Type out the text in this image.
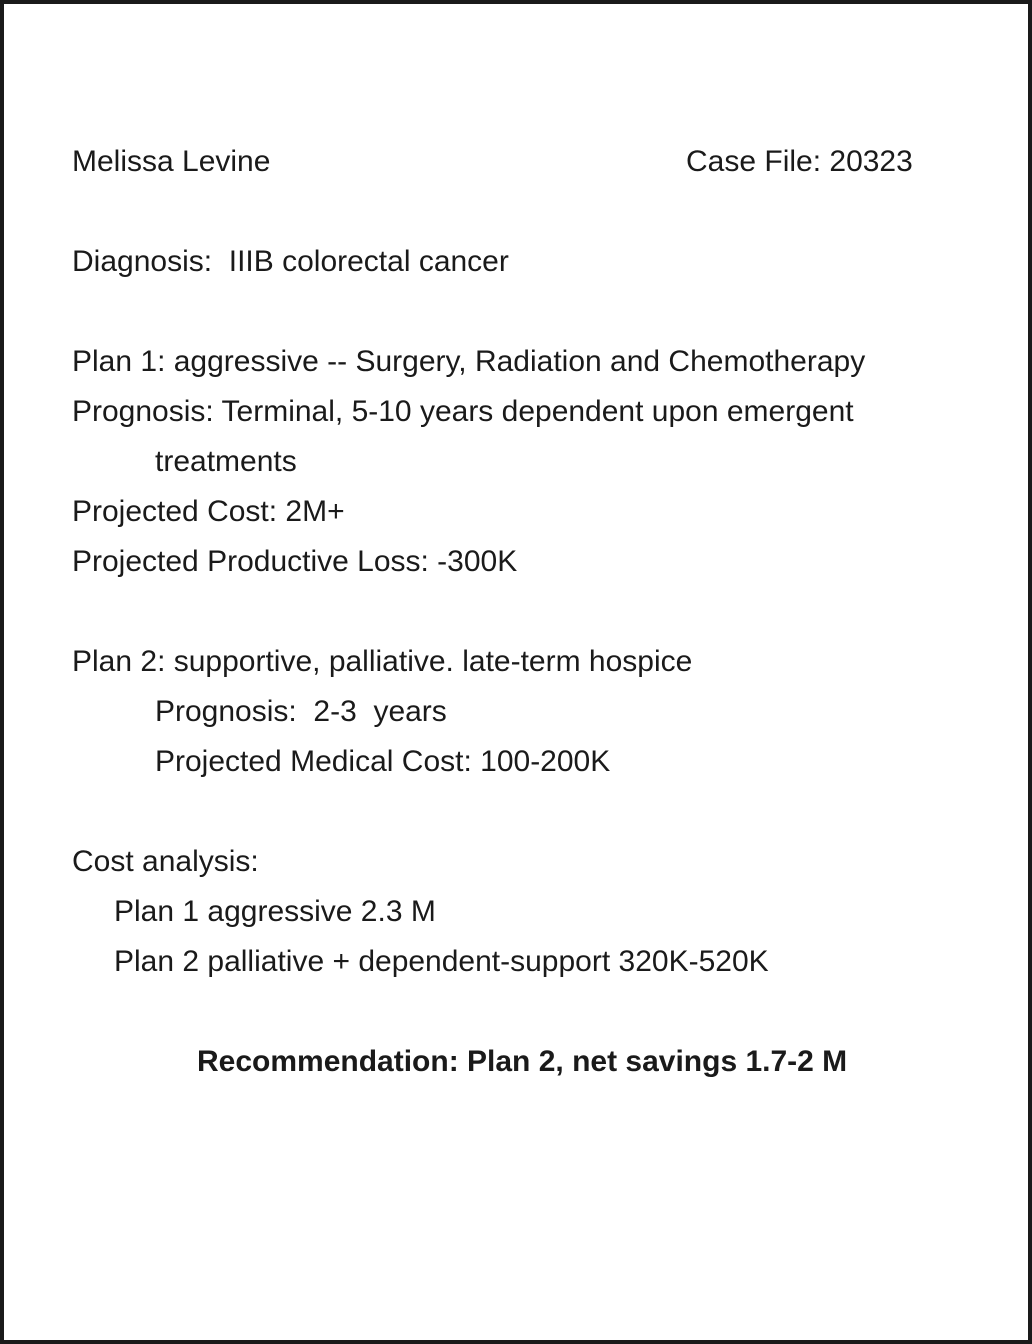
Melissa Levine	Case File: 20323
Diagnosis:  IIIB colorectal cancer
Plan 1: aggressive -- Surgery, Radiation and Chemotherapy
Prognosis: Terminal, 5-10 years dependent upon emergent
treatments
Projected Cost: 2M+
Projected Productive Loss: -300K
Plan 2: supportive, palliative. late-term hospice
Prognosis:  2-3  years
Projected Medical Cost: 100-200K
Cost analysis:
Plan 1 aggressive 2.3 M
Plan 2 palliative + dependent-support 320K-520K
Recommendation: Plan 2, net savings 1.7-2 M
